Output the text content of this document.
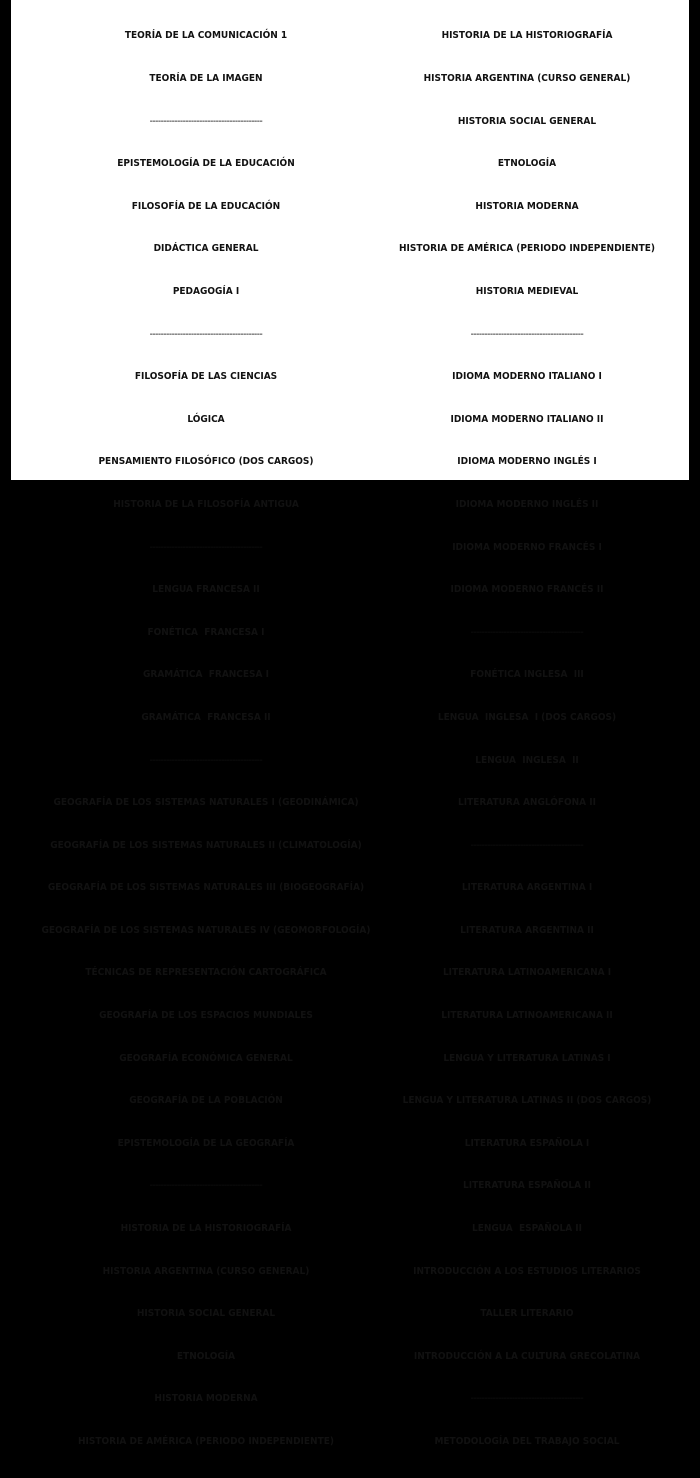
TEORÍA DE LA COMUNICACIÓN 1

TEORÍA DE LA IMAGEN

-----------------------------------------

EPISTEMOLOGÍA DE LA EDUCACIÓN

FILOSOFÍA DE LA EDUCACIÓN

DIDÁCTICA GENERAL

PEDAGOGÍA I

-----------------------------------------

FILOSOFÍA DE LAS CIENCIAS

LÓGICA

PENSAMIENTO FILOSÓFICO (DOS CARGOS)

HISTORIA DE LA FILOSOFÍA ANTIGUA

-----------------------------------------

LENGUA FRANCESA II

FONÉTICA  FRANCESA I

GRAMÁTICA  FRANCESA I

GRAMÁTICA  FRANCESA II

-----------------------------------------

GEOGRAFÍA DE LOS SISTEMAS NATURALES I (GEODINÁMICA)

GEOGRAFÍA DE LOS SISTEMAS NATURALES II (CLIMATOLOGÍA)

GEOGRAFÍA DE LOS SISTEMAS NATURALES III (BIOGEOGRAFÍA)

GEOGRAFÍA DE LOS SISTEMAS NATURALES IV (GEOMORFOLOGÍA)

TÉCNICAS DE REPRESENTACIÓN CARTOGRÁFICA

GEOGRAFÍA DE LOS ESPACIOS MUNDIALES

GEOGRAFÍA ECONÓMICA GENERAL

GEOGRAFÍA DE LA POBLACIÓN

EPISTEMOLOGÍA DE LA GEOGRAFÍA

-----------------------------------------

HISTORIA DE LA HISTORIOGRAFÍA

HISTORIA ARGENTINA (CURSO GENERAL)

HISTORIA SOCIAL GENERAL

ETNOLOGÍA

HISTORIA MODERNA

HISTORIA DE AMÉRICA (PERIODO INDEPENDIENTE)

HISTORIA DE LA HISTORIOGRAFÍA

HISTORIA ARGENTINA (CURSO GENERAL)

HISTORIA SOCIAL GENERAL

ETNOLOGÍA

HISTORIA MODERNA

HISTORIA DE AMÉRICA (PERIODO INDEPENDIENTE)

HISTORIA MEDIEVAL

-----------------------------------------

IDIOMA MODERNO ITALIANO I

IDIOMA MODERNO ITALIANO II

IDIOMA MODERNO INGLÉS I

IDIOMA MODERNO INGLÉS II

IDIOMA MODERNO FRANCÉS I

IDIOMA MODERNO FRANCÉS II

-----------------------------------------

FONÉTICA INGLESA  III

LENGUA  INGLESA  I (DOS CARGOS)

LENGUA  INGLESA  II

LITERATURA ANGLÓFONA II

-----------------------------------------

LITERATURA ARGENTINA I

LITERATURA ARGENTINA II

LITERATURA LATINOAMERICANA I

LITERATURA LATINOAMERICANA II

LENGUA Y LITERATURA LATINAS I

LENGUA Y LITERATURA LATINAS II (DOS CARGOS)

LITERATURA ESPAÑOLA I

LITERATURA ESPAÑOLA II

LENGUA  ESPAÑOLA II

INTRODUCCIÓN A LOS ESTUDIOS LITERARIOS

TALLER LITERARIO

INTRODUCCIÓN A LA CULTURA GRECOLATINA

-----------------------------------------

METODOLOGÍA DEL TRABAJO SOCIAL
